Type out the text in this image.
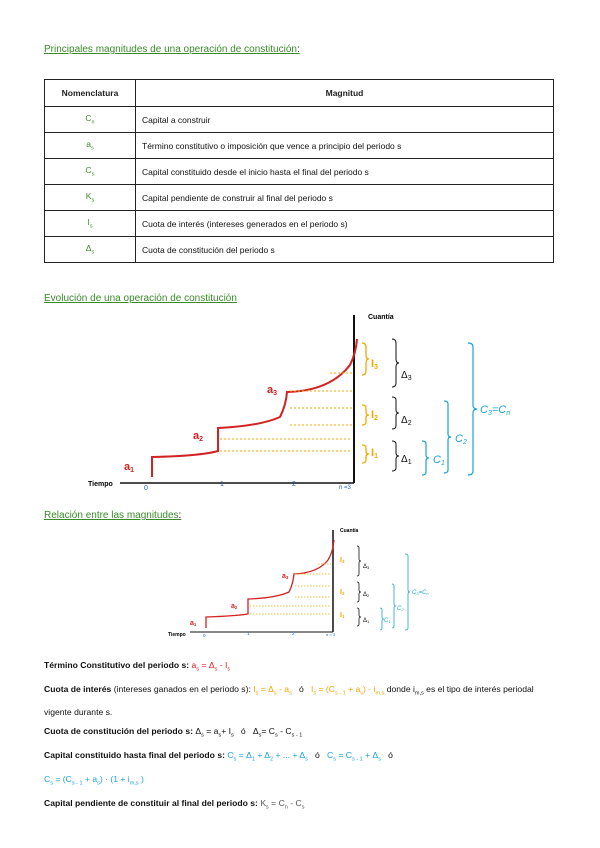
Principales magnitudes de una operación de constitución:
Nomenclatura	Magnitud
$C_n$	Capital a construir
$a_s$	Término constitutivo o imposición que vence a principio del periodo s
$C_s$	Capital constituido desde el inicio hasta el final del periodo s
$K_s$	Capital pendiente de construir al final del periodo s
$I_s$	Cuota de interés (intereses generados en el periodo s)
$\Delta_s$	Cuota de constitución del periodo s
Evolución de una operación de constitución
Cuantía
Tiempo
0
1	2	n =3
a1
a2
a3
I1
I2
I3
$\Delta_1$
$\Delta_2$
$\Delta_3$
C1
C2
C3=Cn
Relación entre las magnitudes:
Cuantía
Tiempo	0	1	2	n = 3
a1
a2
a3
I1
I2
I3
Δ1
Δ2
Δ3
C1
C2
C3=Cn
Término Constitutivo del periodo s: $a_s = \Delta_s - I_s$
Cuota de interés (intereses ganados en el periodo s): $I_s = \Delta_s - a_s$ ó $I_s = (C_{s - 1} + a_s) \cdot i_{m,s}$ donde $i_{m,s}$ es el tipo de interés periodal vigente durante s.
Cuota de constitución del periodo s: $\Delta_s = a_s+ I_s$ ó $\Delta_s= C_s - C_{s - 1}$
Capital constituido hasta final del periodo s: $C_s = \Delta_1 + \Delta_2$ + ... + $\Delta_s$ ó $C_s = C_{s - 1} + \Delta_s$ ó
$C_s = (C_{s - 1} + a_s) \cdot (1 + i_{m,s}$ )
Capital pendiente de constituir al final del periodo s: $K_s = C_n - C_s$
